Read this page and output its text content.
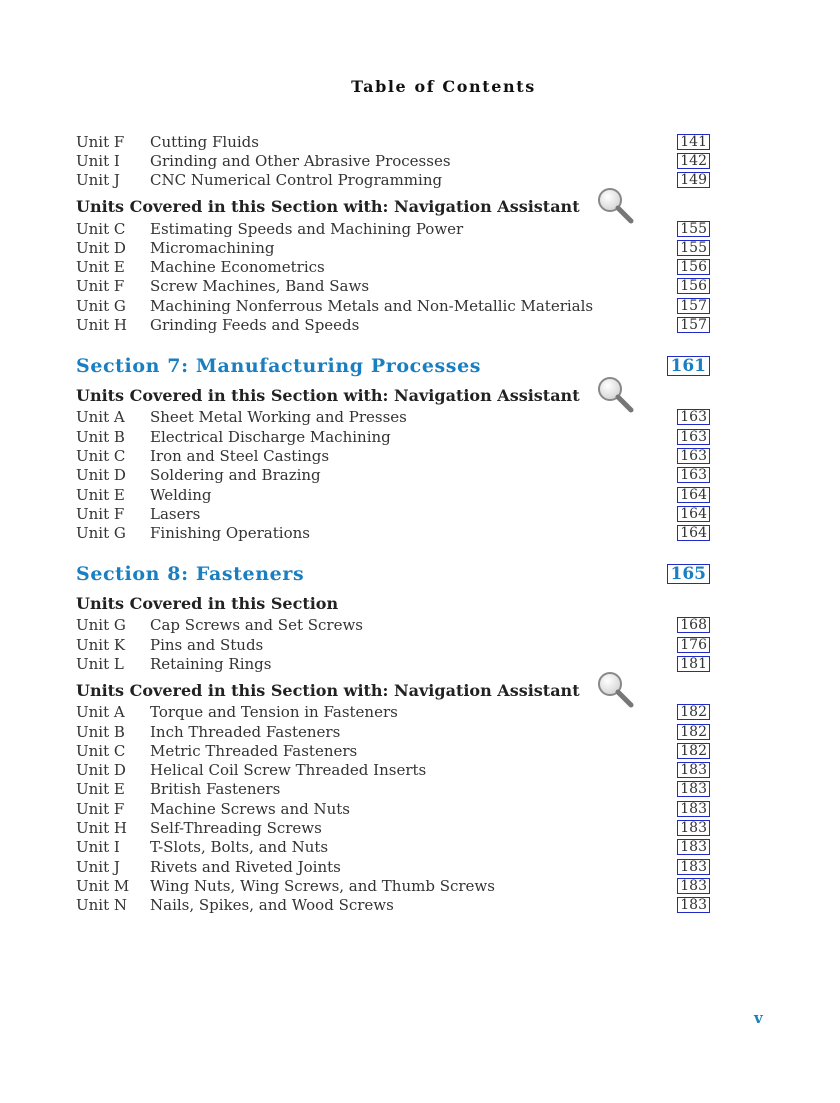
Table of Contents
Unit F	Cutting Fluids	141
Unit I	Grinding and Other Abrasive Processes	142
Unit J	CNC Numerical Control Programming	149
Units Covered in this Section with: Navigation Assistant
Unit C	Estimating Speeds and Machining Power	155
Unit D	Micromachining	155
Unit E	Machine Econometrics	156
Unit F	Screw Machines, Band Saws	156
Unit G	Machining Nonferrous Metals and Non-Metallic Materials	157
Unit H	Grinding Feeds and Speeds	157
Section 7: Manufacturing Processes	161
Units Covered in this Section with: Navigation Assistant
Unit A	Sheet Metal Working and Presses	163
Unit B	Electrical Discharge Machining	163
Unit C	Iron and Steel Castings	163
Unit D	Soldering and Brazing	163
Unit E	Welding	164
Unit F	Lasers	164
Unit G	Finishing Operations	164
Section 8: Fasteners	165
Units Covered in this Section
Unit G	Cap Screws and Set Screws	168
Unit K	Pins and Studs	176
Unit L	Retaining Rings	181
Units Covered in this Section with: Navigation Assistant
Unit A	Torque and Tension in Fasteners	182
Unit B	Inch Threaded Fasteners	182
Unit C	Metric Threaded Fasteners	182
Unit D	Helical Coil Screw Threaded Inserts	183
Unit E	British Fasteners	183
Unit F	Machine Screws and Nuts	183
Unit H	Self-Threading Screws	183
Unit I	T-Slots, Bolts, and Nuts	183
Unit J	Rivets and Riveted Joints	183
Unit M	Wing Nuts, Wing Screws, and Thumb Screws	183
Unit N	Nails, Spikes, and Wood Screws	183
v
